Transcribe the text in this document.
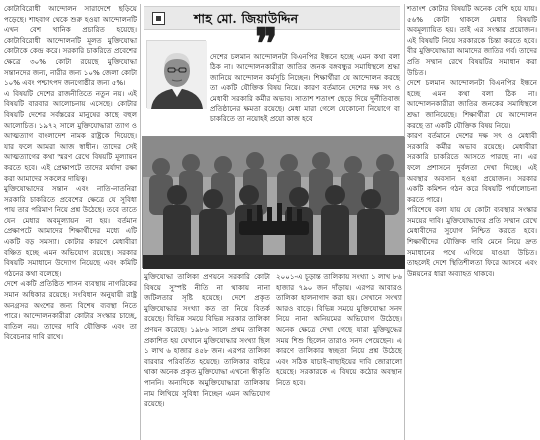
কোটাবিরোধী আন্দোলন সারাদেশে ছড়িয়ে পড়েছে। শাহবাগ থেকে শুরু হওয়া আন্দোলনটি এখন বেশ খানিক প্রচারিত হয়েছে। কোটাবিরোধী আন্দোলনটি মূলত মুক্তিযোদ্ধা কোটাকে কেন্দ্র করে। সরকারি চাকরিতে প্রবেশের ক্ষেত্রে ৩০% কোটা রয়েছে মুক্তিযোদ্ধা সন্তানদের জন্য, নারীর জন্য ১০% জেলা কোটা ১০% এবং পশ্চাৎপদ জনগোষ্ঠীর জন্য ৫%।

এ বিষয়টি দেশের রাজনীতিতে নতুন নয়। এই বিষয়টি বারবার আলোচনায় এসেছে। কোটার বিষয়টি দেশের সর্বস্তরের মানুষের কাছে বহুল আলোচিত। ১৯৭২ সালে মুক্তিযোদ্ধারা ত্যাগ ও আত্মত্যাগ বাংলাদেশ নামক রাষ্ট্রকে দিয়েছে। যার ফলে আমরা আজ স্বাধীন। তাদের সেই আত্মত্যাগের কথা স্মরণ রেখে বিষয়টি মূল্যায়ন করতে হবে। এই প্রেক্ষাপটে তাদের মর্যাদা রক্ষা করা আমাদের সকলের দায়িত্ব।

মুক্তিযোদ্ধাদের সন্তান এবং নাতি-নাতনিরা সরকারি চাকরিতে প্রবেশের ক্ষেত্রে যে সুবিধা পায় তার পরিমাণ নিয়ে প্রশ্ন উঠেছে। তবে তাতে যেন মেধার অবমূল্যায়ন না হয়। বর্তমান প্রেক্ষাপটে আমাদের শিক্ষার্থীদের মধ্যে এটি একটি বড় সমস্যা। কোটার কারণে মেধাবীরা বঞ্চিত হচ্ছে এমন অভিযোগ রয়েছে। সরকার বিষয়টি সমাধানে উদ্যোগ নিয়েছে এবং কমিটি গঠনের কথা বলেছে।

দেশে একটি প্রতিষ্ঠিত শাসন ব্যবস্থায় নাগরিকের সমান অধিকার রয়েছে। সংবিধান অনুযায়ী রাষ্ট্র অনগ্রসর অংশের জন্য বিশেষ ব্যবস্থা নিতে পারে। আন্দোলনকারীরা কোটার সংস্কার চাচ্ছে, বাতিল নয়। তাদের দাবি যৌক্তিক এবং তা বিবেচনার দাবি রাখে।

শাহ মো. জিয়াউদ্দিন
❞
দেশের চলমান আন্দোলনটা বিএনপির ইন্ধনে হচ্ছে এমন কথা বলা ঠিক না। আন্দোলনকারীরা জাতির জনক বঙ্গবন্ধুর সমাধিস্থলে শ্রদ্ধা জানিয়ে আন্দোলন কর্মসূচি নিচ্ছেন। শিক্ষার্থীরা যে আন্দোলন করছে তা একটি যৌক্তিক বিষয় নিয়ে। কারণ বর্তমানে দেশের দক্ষ সৎ ও মেধাবী সরকারি কর্মীর অভাব। সাতাশ শতাংশ ছেড়ে দিয়ে দুর্নীতিবাজ প্রতিষ্ঠানের ক্ষমতা রয়েছে। মেধা মারা গেলে যেকোনো নিয়োগে বা চাকরিতে তা নয়োহই প্রয়ো কাজ হবে
মুক্তিযোদ্ধা তালিকা প্রণয়নে সরকারি কোটা বিষয়ে সুস্পষ্ট নীতি না থাকায় নানা জটিলতার সৃষ্টি হয়েছে। দেশে প্রকৃত মুক্তিযোদ্ধার সংখ্যা কত তা নিয়ে বিতর্ক রয়েছে। বিভিন্ন সময়ে বিভিন্ন সরকার তালিকা প্রণয়ন করেছে। ১৯৮৬ সালে প্রথম তালিকা প্রকাশিত হয় যেখানে মুক্তিযোদ্ধার সংখ্যা ছিল ১ লাখ ৬ হাজার ৪৫৮ জন। এরপর তালিকা বারবার পরিবর্তিত হয়েছে। তালিকার বাইরে থাকা অনেক প্রকৃত মুক্তিযোদ্ধা এখনো স্বীকৃতি পাননি। অন্যদিকে অমুক্তিযোদ্ধারা তালিকায় নাম লিখিয়ে সুবিধা নিচ্ছেন এমন অভিযোগ রয়েছে।
২০০১-এ চূড়ান্ত তালিকায় সংখ্যা ১ লাখ ৮৬ হাজার ৭৯০ জন দাঁড়ায়। এরপর আবারও তালিকা হালনাগাদ করা হয়। সেখানে সংখ্যা আরও বাড়ে। বিভিন্ন সময়ে মুক্তিযোদ্ধা সনদ নিয়ে নানা অনিয়মের অভিযোগ উঠেছে। অনেক ক্ষেত্রে দেখা গেছে যারা মুক্তিযুদ্ধের সময় শিশু ছিলেন তারাও সনদ পেয়েছেন। এ কারণে তালিকার স্বচ্ছতা নিয়ে প্রশ্ন উঠেছে এবং সঠিক যাচাই-বাছাইয়ের দাবি জোরালো হয়েছে। সরকারকে এ বিষয়ে কঠোর অবস্থান নিতে হবে।

শতাংশ কোটার বিষয়টি অনেক বেশি হয়ে যায়। ৫৬% কোটা থাকলে মেধার বিষয়টি অবমূল্যায়িত হয়। তাই এর সংস্কার প্রয়োজন। এই বিষয়টি নিয়ে সরকারকে চিন্তা করতে হবে। বীর মুক্তিযোদ্ধারা আমাদের জাতির গর্ব। তাদের প্রতি সম্মান রেখে বিষয়টির সমাধান করা উচিত।

দেশে চলমান আন্দোলনটা বিএনপির ইন্ধনে হচ্ছে এমন কথা বলা ঠিক না। আন্দোলনকারীরা জাতির জনকের সমাধিস্থলে শ্রদ্ধা জানিয়েছে। শিক্ষার্থীরা যে আন্দোলন করছে তা একটি যৌক্তিক বিষয় নিয়ে।

কারণ বর্তমানে দেশের দক্ষ সৎ ও মেধাবী সরকারি কর্মীর অভাব রয়েছে। মেধাবীরা সরকারি চাকরিতে আসতে পারছে না। এর ফলে প্রশাসনে দুর্বলতা দেখা দিচ্ছে। এই অবস্থার অবসান হওয়া প্রয়োজন। সরকার একটি কমিশন গঠন করে বিষয়টি পর্যালোচনা করতে পারে।

পরিশেষে বলা যায় যে কোটা ব্যবস্থার সংস্কার সময়ের দাবি। মুক্তিযোদ্ধাদের প্রতি সম্মান রেখে মেধাবীদের সুযোগ নিশ্চিত করতে হবে। শিক্ষার্থীদের যৌক্তিক দাবি মেনে নিয়ে দ্রুত সমাধানের পথে এগিয়ে যাওয়া উচিত। তাহলেই দেশে স্থিতিশীলতা ফিরে আসবে এবং উন্নয়নের ধারা অব্যাহত থাকবে।
